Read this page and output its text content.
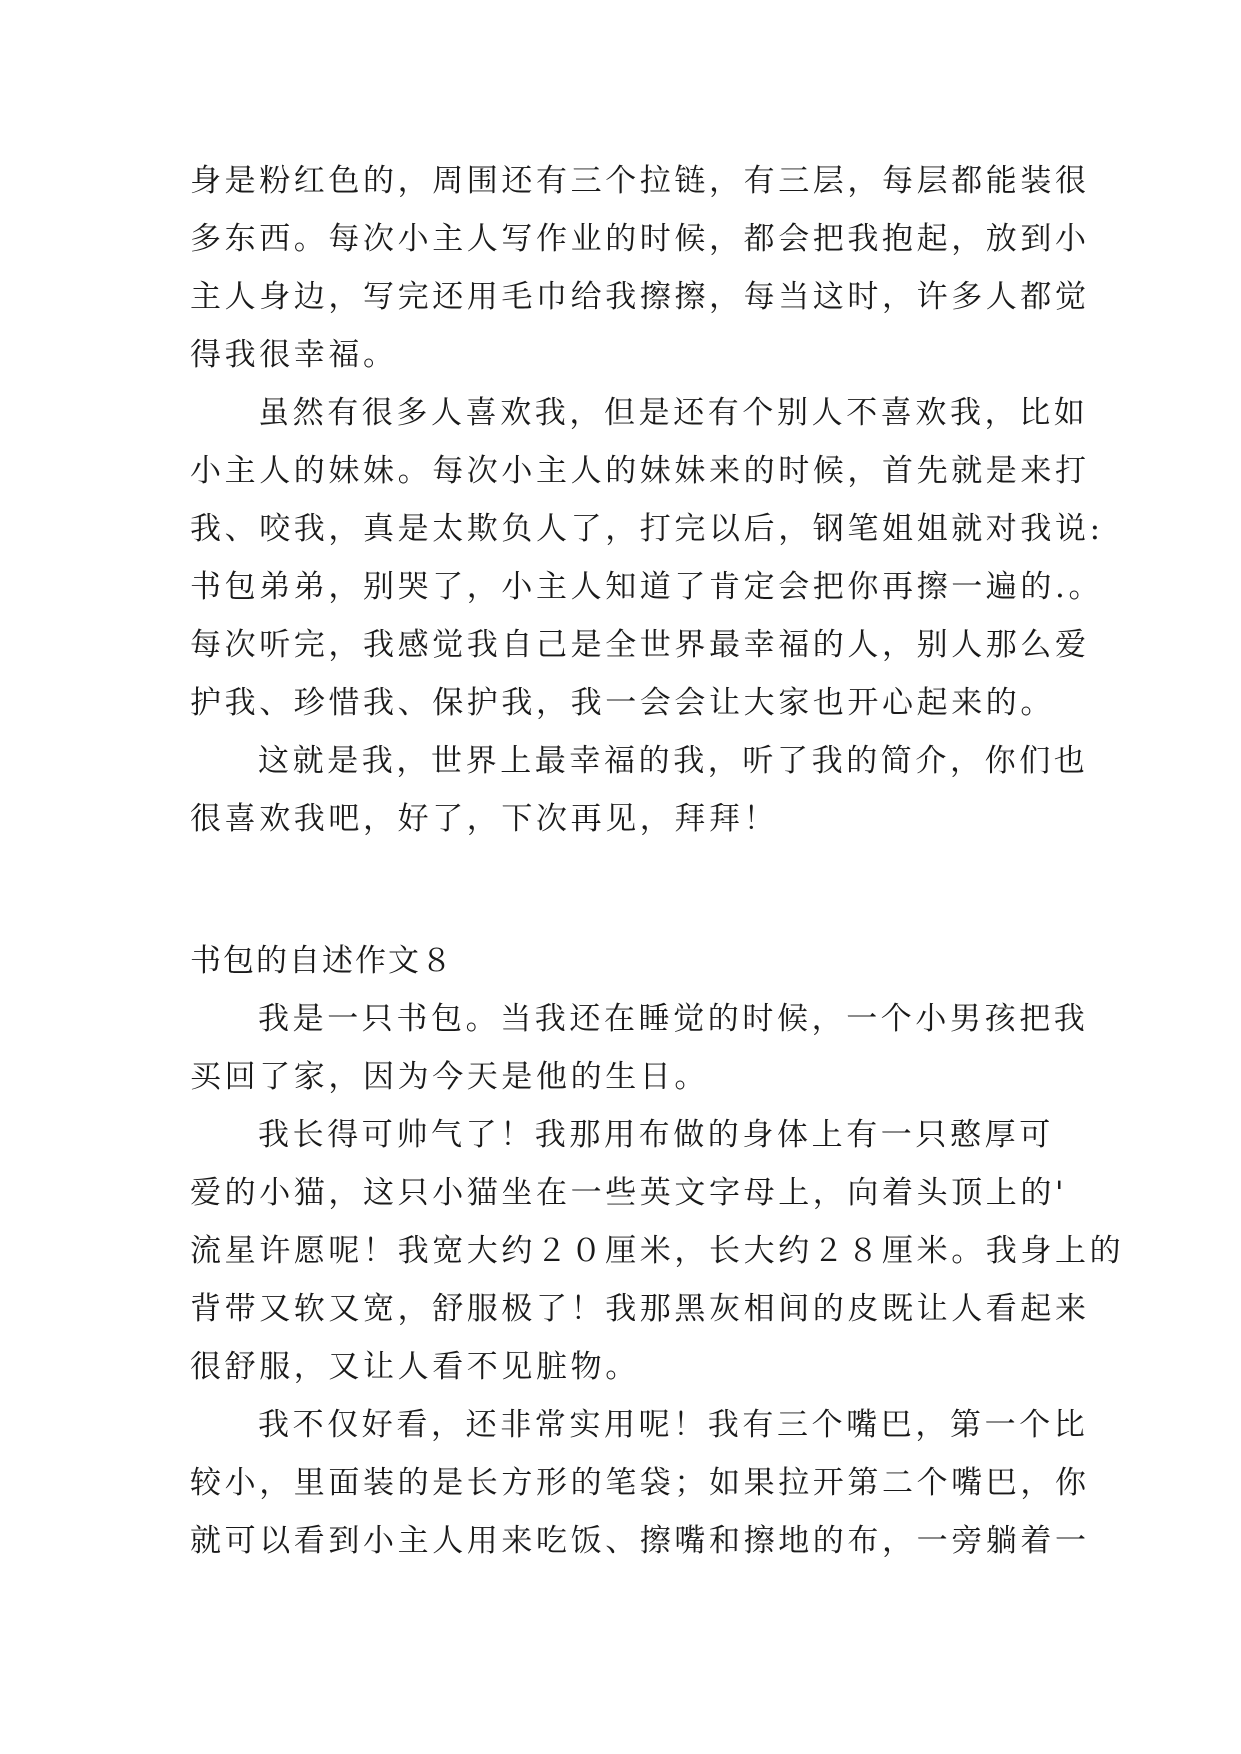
身是粉红色的，周围还有三个拉链，有三层，每层都能装很
多东西。每次小主人写作业的时候，都会把我抱起，放到小
主人身边，写完还用毛巾给我擦擦，每当这时，许多人都觉
得我很幸福。
虽然有很多人喜欢我，但是还有个别人不喜欢我，比如
小主人的妹妹。每次小主人的妹妹来的时候，首先就是来打
我、咬我，真是太欺负人了，打完以后，钢笔姐姐就对我说:
书包弟弟，别哭了，小主人知道了肯定会把你再擦一遍的.。
每次听完，我感觉我自己是全世界最幸福的人，别人那么爱
护我、珍惜我、保护我，我一会会让大家也开心起来的。
这就是我，世界上最幸福的我，听了我的简介，你们也
很喜欢我吧，好了，下次再见，拜拜！
书包的自述作文８
我是一只书包。当我还在睡觉的时候，一个小男孩把我
买回了家，因为今天是他的生日。
我长得可帅气了！我那用布做的身体上有一只憨厚可
爱的小猫，这只小猫坐在一些英文字母上，向着头顶上的'
流星许愿呢！我宽大约２０厘米，长大约２８厘米。我身上的
背带又软又宽，舒服极了！我那黑灰相间的皮既让人看起来
很舒服，又让人看不见脏物。
我不仅好看，还非常实用呢！我有三个嘴巴，第一个比
较小，里面装的是长方形的笔袋；如果拉开第二个嘴巴，你
就可以看到小主人用来吃饭、擦嘴和擦地的布，一旁躺着一
